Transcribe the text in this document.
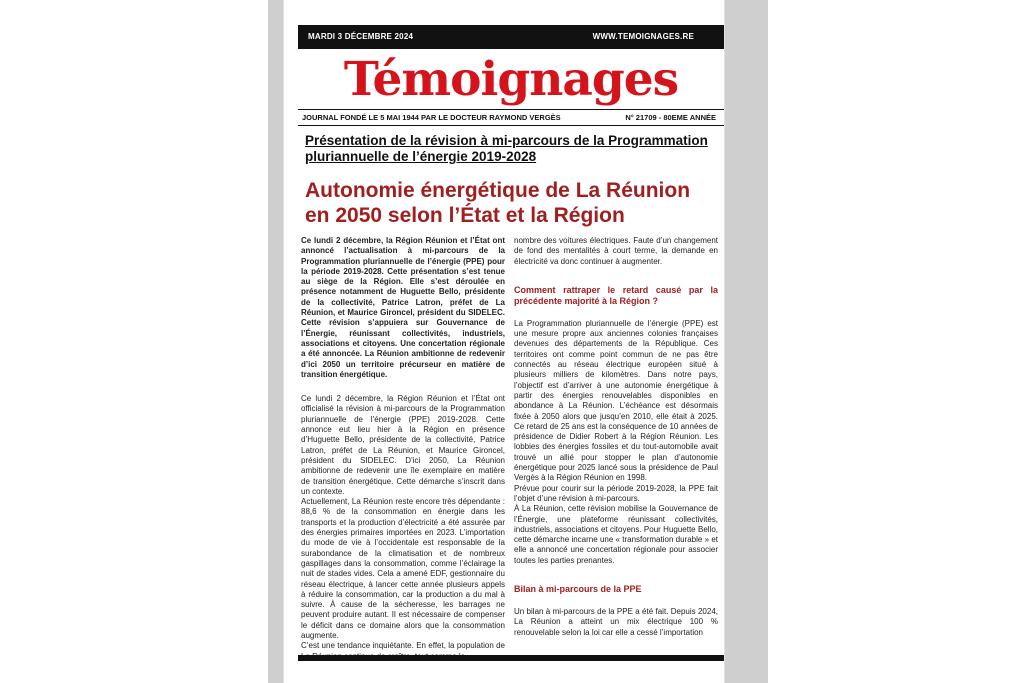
MARDI 3 DÉCEMBRE 2024	WWW.TEMOIGNAGES.RE
Témoignages
JOURNAL FONDÉ LE 5 MAI 1944 PAR LE DOCTEUR RAYMOND VERGÈS	N° 21709 - 80EME ANNÉE
Présentation de la révision à mi-parcours de la Programmation pluriannuelle de l’énergie 2019-2028
Autonomie énergétique de La Réunion en 2050 selon l’État et la Région

Ce lundi 2 décembre, la Région Réunion et l’État ont annoncé l’actualisation à mi-parcours de la Programmation pluriannuelle de l’énergie (PPE) pour la période 2019-2028. Cette présentation s’est tenue au siège de la Région. Elle s’est déroulée en présence notamment de Huguette Bello, présidente de la collectivité, Patrice Latron, préfet de La Réunion, et Maurice Gironcel, président du SIDELEC. Cette révision s’appuiera sur Gouvernance de l’Énergie, réunissant collectivités, industriels, associations et citoyens. Une concertation régionale a été annoncée. La Réunion ambitionne de redevenir d’ici 2050 un territoire précurseur en matière de transition énergétique.

Ce lundi 2 décembre, la Région Réunion et l’État ont officialisé la révision à mi-parcours de la Programmation pluriannuelle de l’énergie (PPE) 2019-2028. Cette annonce eut lieu hier à la Région en présence d’Huguette Bello, présidente de la collectivité, Patrice Latron, préfet de La Réunion, et Maurice Gironcel, président du SIDELEC. D’ici 2050, La Réunion ambitionne de redevenir une île exemplaire en matière de transition énergétique. Cette démarche s’inscrit dans un contexte.

Actuellement, La Réunion reste encore très dépendante : 88,6 % de la consommation en énergie dans les transports et la production d’électricité a été assurée par des énergies primaires importées en 2023. L’importation du mode de vie à l’occidentale est responsable de la surabondance de la climatisation et de nombreux gaspillages dans la consommation, comme l’éclairage la nuit de stades vides. Cela a amené EDF, gestionnaire du réseau électrique, à lancer cette année plusieurs appels à réduire la consommation, car la production a du mal à suivre. À cause de la sécheresse, les barrages ne peuvent produire autant. Il est nécessaire de compenser le déficit dans ce domaine alors que la consommation augmente.

C’est une tendance inquiétante. En effet, la population de

nombre des voitures électriques. Faute d’un changement de fond des mentalités à court terme, la demande en électricité va donc continuer à augmenter.

Comment rattraper le retard causé par la précédente majorité à la Région ?

La Programmation pluriannuelle de l’énergie (PPE) est une mesure propre aux anciennes colonies françaises devenues des départements de la République. Ces territoires ont comme point commun de ne pas être connectés au réseau électrique européen situé à plusieurs milliers de kilomètres. Dans notre pays, l’objectif est d’arriver à une autonomie énergétique à partir des énergies renouvelables disponibles en abondance à La Réunion. L’échéance est désormais fixée à 2050 alors que jusqu’en 2010, elle était à 2025. Ce retard de 25 ans est la conséquence de 10 années de présidence de Didier Robert à la Région Réunion. Les lobbies des énergies fossiles et du tout-automobile avait trouvé un allié pour stopper le plan d’autonomie énergétique pour 2025 lancé sous la présidence de Paul Vergès à la Région Réunion en 1998.

Prévue pour courir sur la période 2019-2028, la PPE fait l’objet d’une révision à mi-parcours.

À La Réunion, cette révision mobilise la Gouvernance de l’Énergie, une plateforme réunissant collectivités, industriels, associations et citoyens. Pour Huguette Bello, cette démarche incarne une « transformation durable » et elle a annoncé une concertation régionale pour associer toutes les parties prenantes.

Bilan à mi-parcours de la PPE

Un bilan à mi-parcours de la PPE a été fait. Depuis 2024, La Réunion a atteint un mix électrique 100 % renouvelable selon la loi car elle a cessé l’importation
